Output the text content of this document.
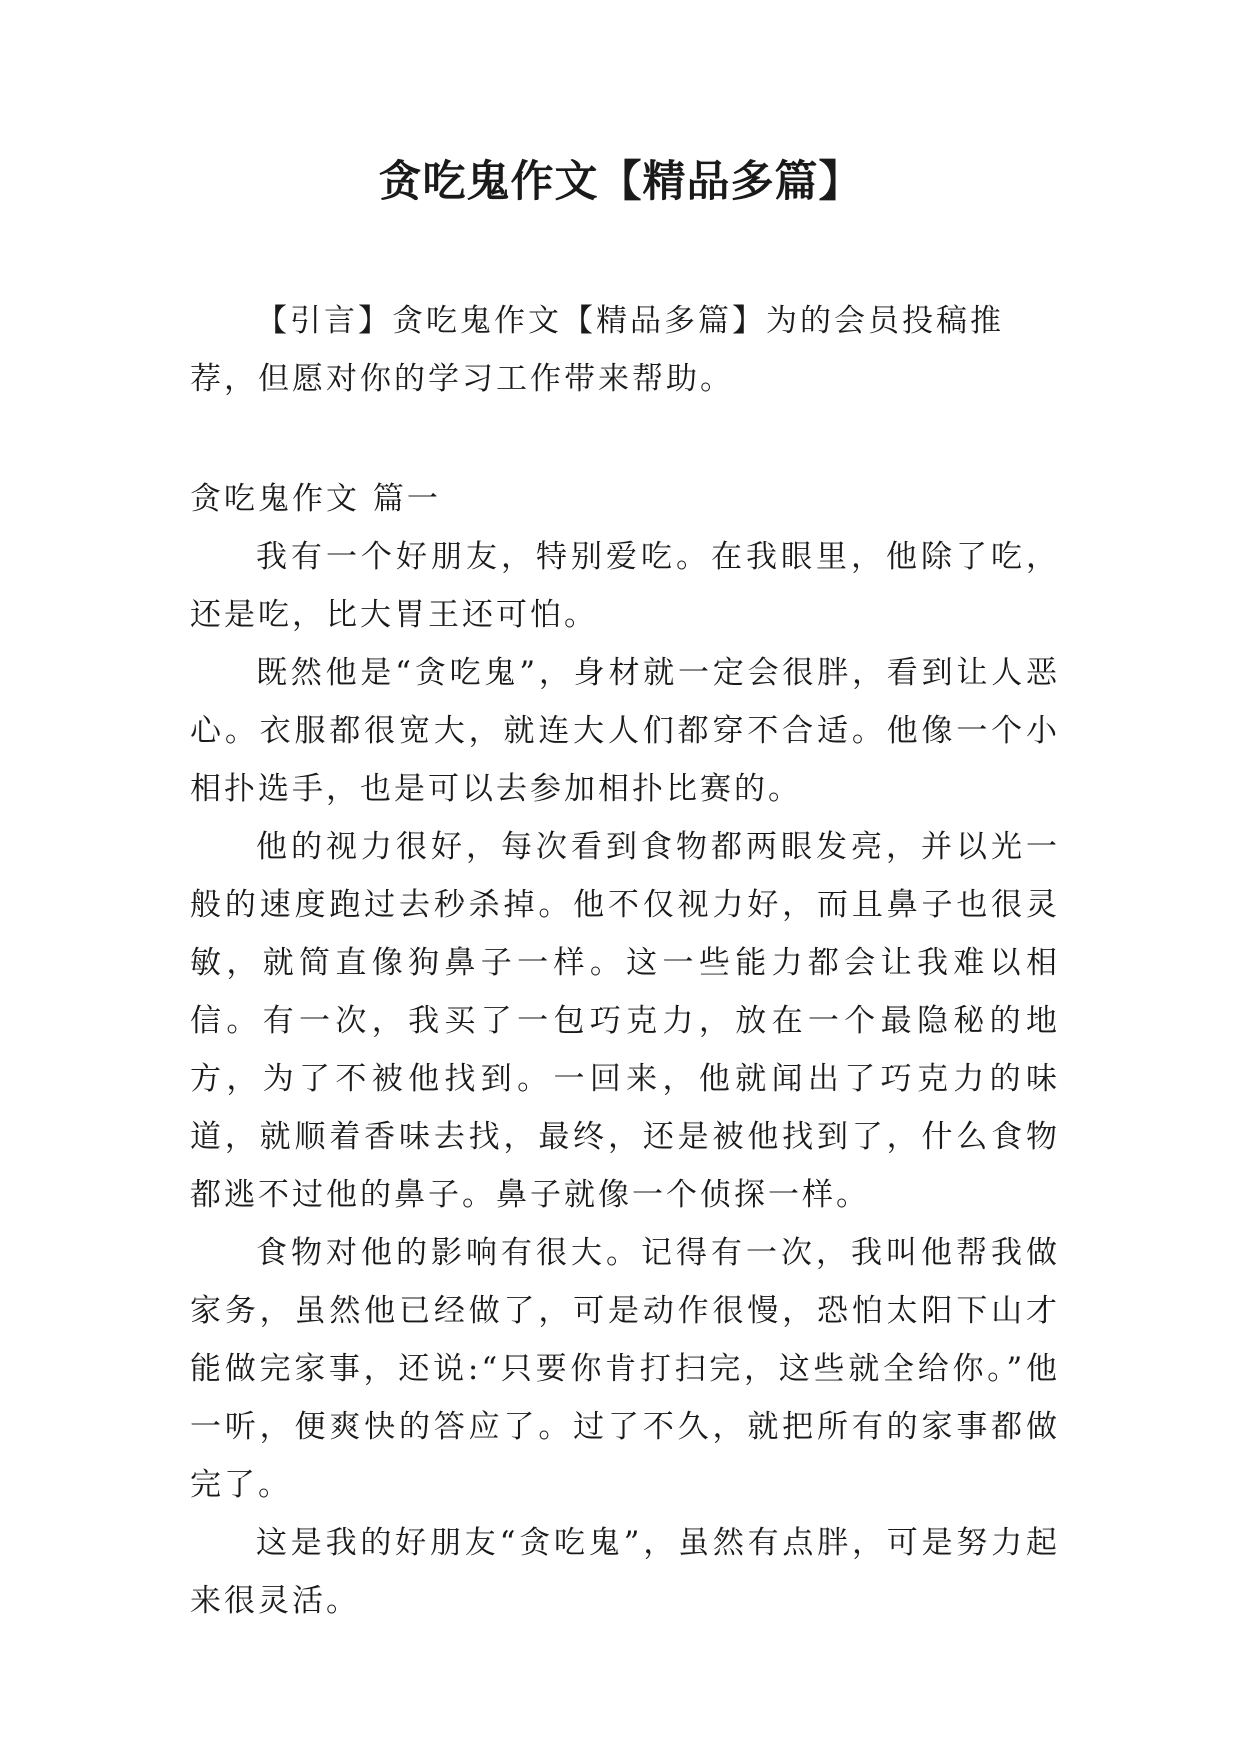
贪吃鬼作文【精品多篇】

【引言】贪吃鬼作文【精品多篇】为的会员投稿推荐，但愿对你的学习工作带来帮助。

贪吃鬼作文 篇一

我有一个好朋友，特别爱吃。在我眼里，他除了吃，还是吃，比大胃王还可怕。

既然他是“贪吃鬼”，身材就一定会很胖，看到让人恶心。衣服都很宽大，就连大人们都穿不合适。他像一个小相扑选手，也是可以去参加相扑比赛的。

他的视力很好，每次看到食物都两眼发亮，并以光一般的速度跑过去秒杀掉。他不仅视力好，而且鼻子也很灵敏，就简直像狗鼻子一样。这一些能力都会让我难以相信。有一次，我买了一包巧克力，放在一个最隐秘的地方，为了不被他找到。一回来，他就闻出了巧克力的味道，就顺着香味去找，最终，还是被他找到了，什么食物都逃不过他的鼻子。鼻子就像一个侦探一样。

食物对他的影响有很大。记得有一次，我叫他帮我做家务，虽然他已经做了，可是动作很慢，恐怕太阳下山才能做完家事，还说:“只要你肯打扫完，这些就全给你。”他一听，便爽快的答应了。过了不久，就把所有的家事都做完了。

这是我的好朋友“贪吃鬼”，虽然有点胖，可是努力起来很灵活。
